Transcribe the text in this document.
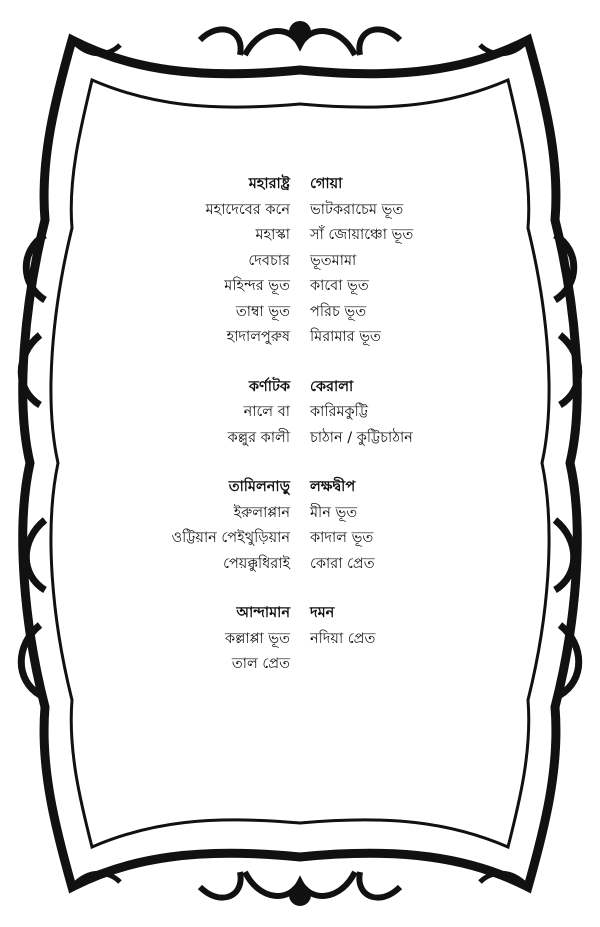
মহারাষ্ট্র
মহাদেবের কনে
মহাস্কা
দেবচার
মহিন্দর ভূত
তাম্বা ভূত
হাদালপুরুষ
গোয়া
ভাটকরাচেম ভূত
সাঁ জোয়াঞ্চো ভূত
ভূতমামা
কাবো ভূত
পরিচ ভূত
মিরামার ভূত
কর্ণাটক
নালে বা
কল্লুর কালী
কেরালা
কারিমকুট্টি
চাঠান / কুট্টিচাঠান
তামিলনাড়ু
ইরুলাপ্পান
ওট্টিয়ান পেইথুড়িয়ান
পেয়ক্কুধিরাই
লক্ষদ্বীপ
মীন ভূত
কাদাল ভূত
কোরা প্রেত
আন্দামান
কল্লাপ্পা ভূত
তাল প্রেত
দমন
নদিয়া প্রেত
